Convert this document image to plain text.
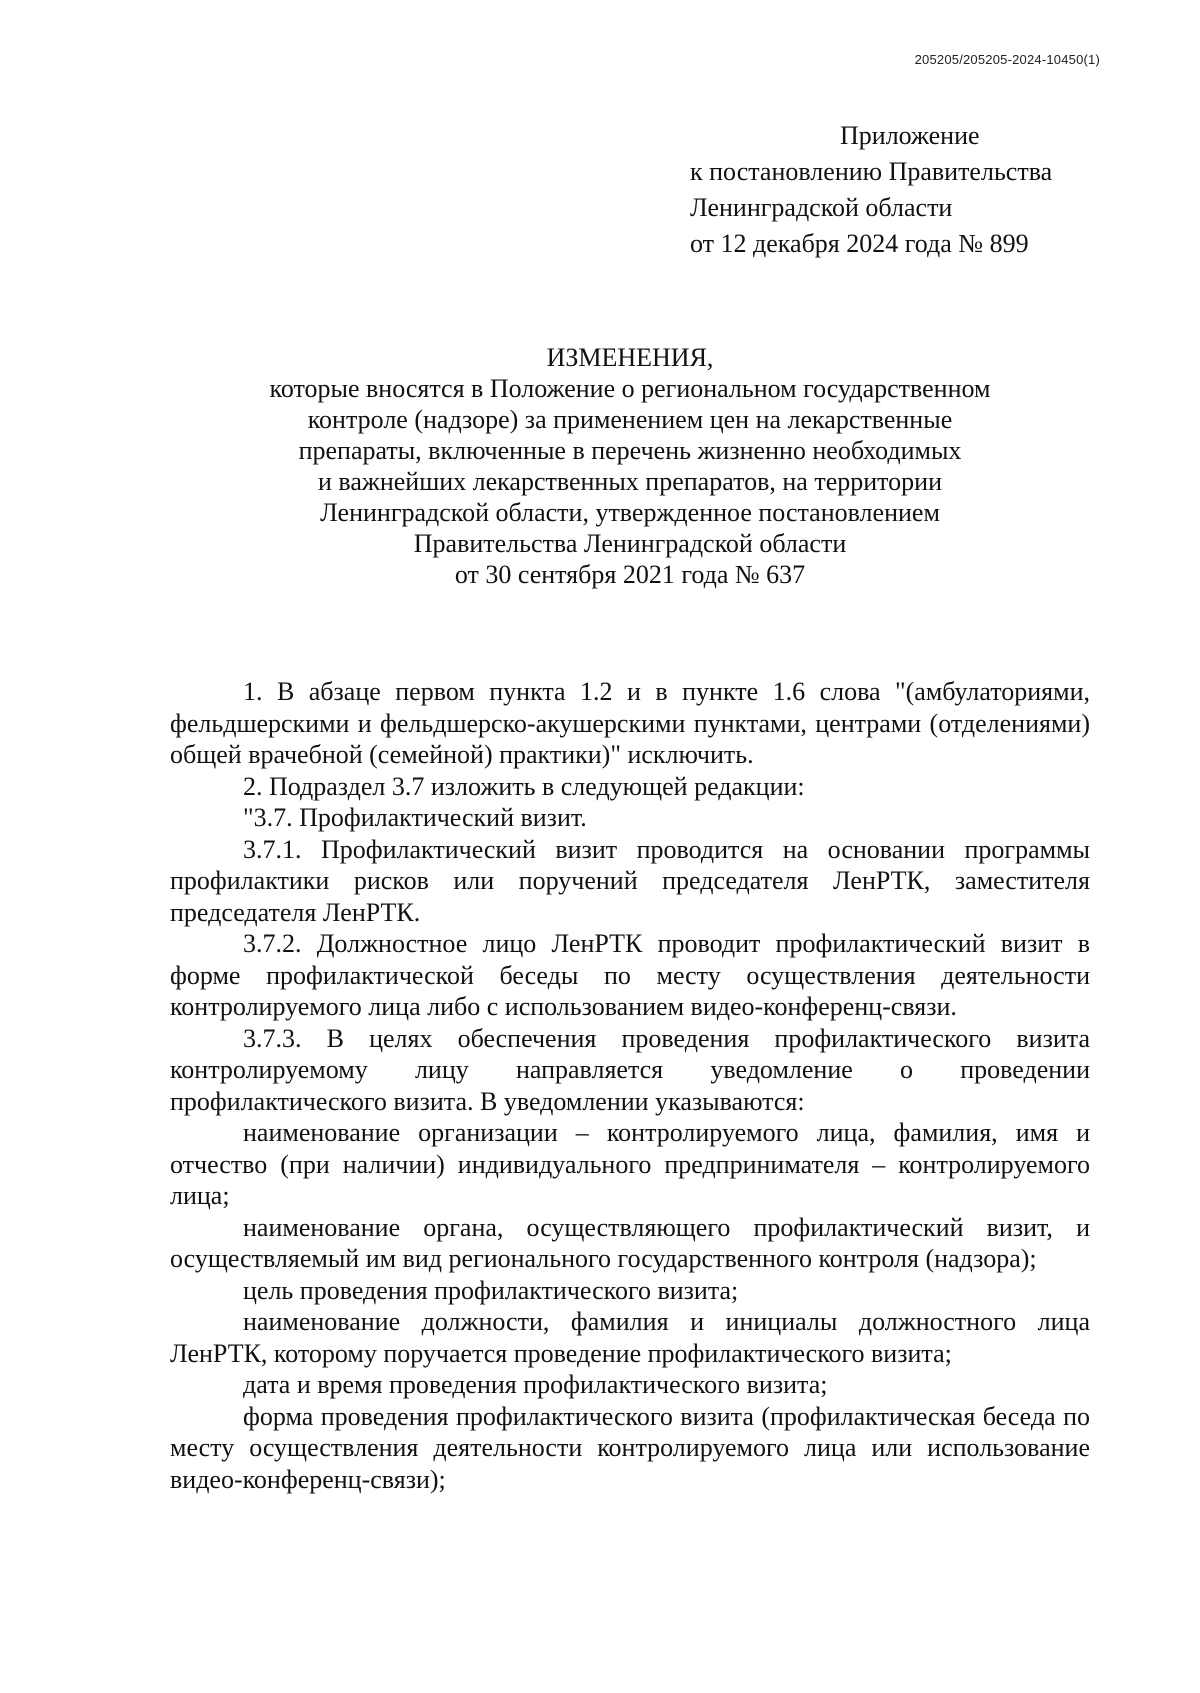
205205/205205-2024-10450(1)
Приложение
к постановлению Правительства
Ленинградской области
от 12 декабря 2024 года № 899
ИЗМЕНЕНИЯ,
которые вносятся в Положение о региональном государственном
контроле (надзоре) за применением цен на лекарственные
препараты, включенные в перечень жизненно необходимых
и важнейших лекарственных препаратов, на территории
Ленинградской области, утвержденное постановлением
Правительства Ленинградской области
от 30 сентября 2021 года № 637

1. В абзаце первом пункта 1.2 и в пункте 1.6 слова "(амбулаториями, фельдшерскими и фельдшерско-акушерскими пунктами, центрами (отделениями) общей врачебной (семейной) практики)" исключить.

2. Подраздел 3.7 изложить в следующей редакции:

"3.7. Профилактический визит.

3.7.1. Профилактический визит проводится на основании программы профилактики рисков или поручений председателя ЛенРТК, заместителя председателя ЛенРТК.

3.7.2. Должностное лицо ЛенРТК проводит профилактический визит в форме профилактической беседы по месту осуществления деятельности контролируемого лица либо с использованием видео-конференц-связи.

3.7.3. В целях обеспечения проведения профилактического визита контролируемому лицу направляется уведомление о проведении профилактического визита. В уведомлении указываются:

наименование организации – контролируемого лица, фамилия, имя и отчество (при наличии) индивидуального предпринимателя – контролируемого лица;

наименование органа, осуществляющего профилактический визит, и осуществляемый им вид регионального государственного контроля (надзора);

цель проведения профилактического визита;

наименование должности, фамилия и инициалы должностного лица ЛенРТК, которому поручается проведение профилактического визита;

дата и время проведения профилактического визита;

форма проведения профилактического визита (профилактическая беседа по месту осуществления деятельности контролируемого лица или использование видео-конференц-связи);
